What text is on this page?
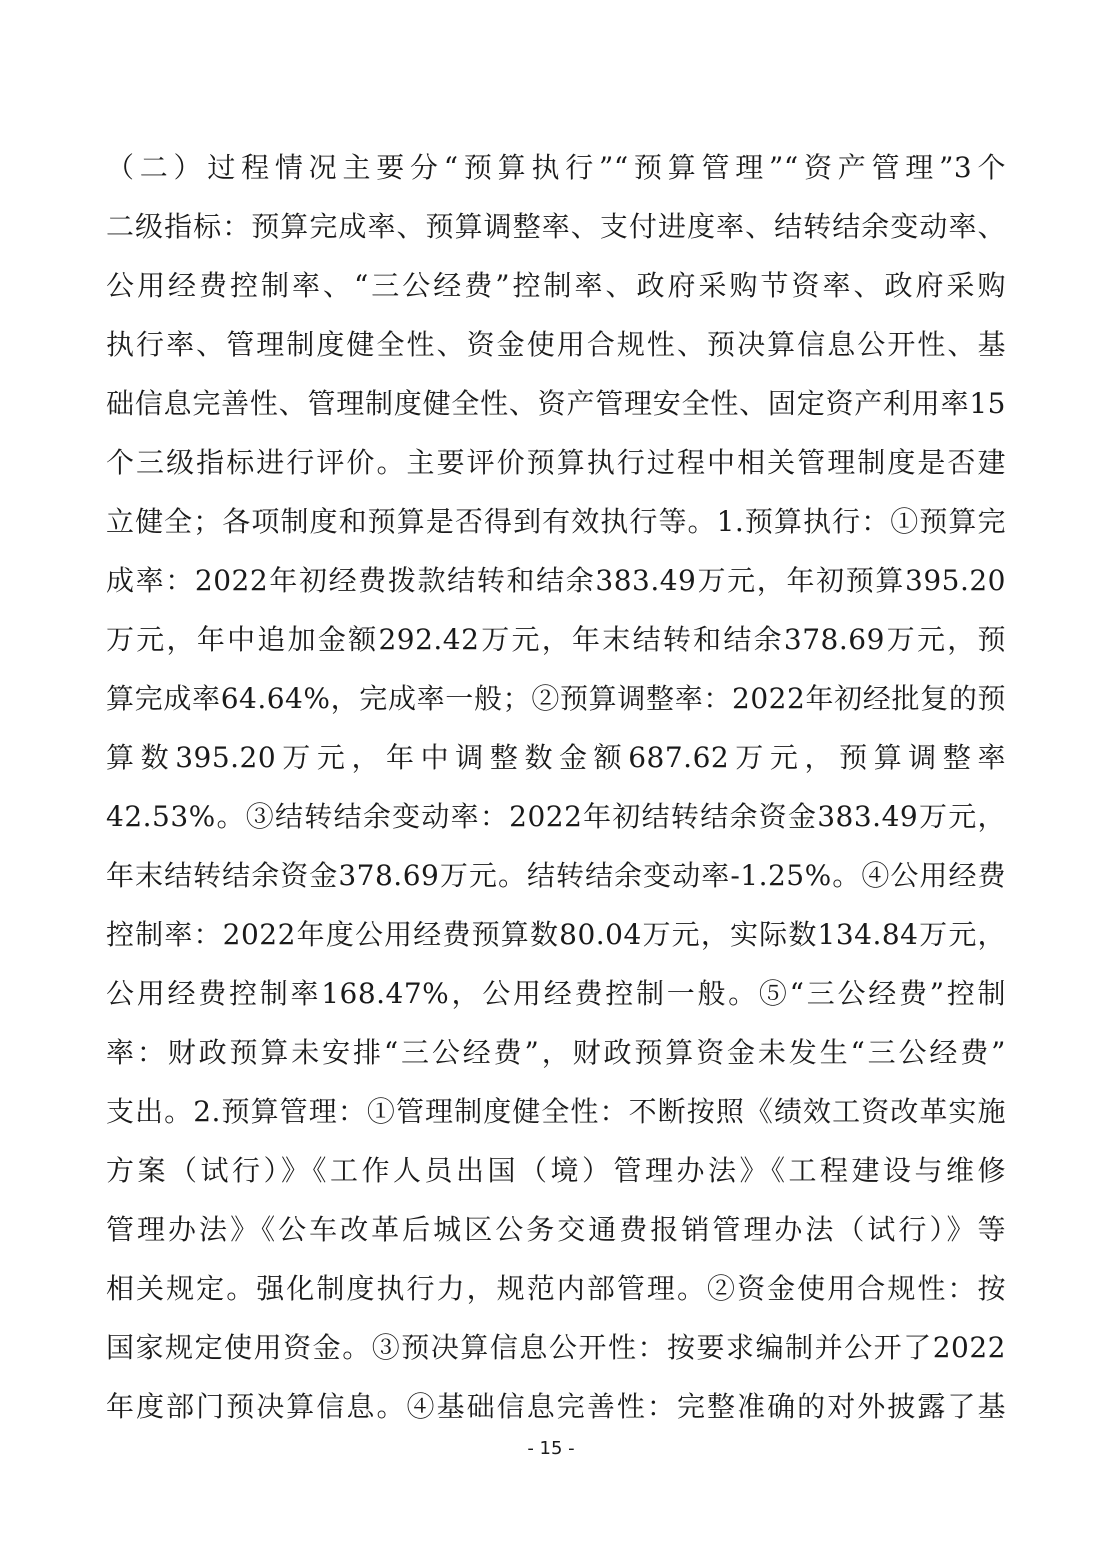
（二）过程情况主要分“预算执行”“预算管理”“资产管理”3个
二级指标：预算完成率、预算调整率、支付进度率、结转结余变动率、
公用经费控制率、“三公经费”控制率、政府采购节资率、政府采购
执行率、管理制度健全性、资金使用合规性、预决算信息公开性、基
础信息完善性、管理制度健全性、资产管理安全性、固定资产利用率15
个三级指标进行评价。主要评价预算执行过程中相关管理制度是否建
立健全；各项制度和预算是否得到有效执行等。1.预算执行：①预算完
成率：2022年初经费拨款结转和结余383.49万元，年初预算395.20
万元，年中追加金额292.42万元，年末结转和结余378.69万元，预
算完成率64.64%，完成率一般；②预算调整率：2022年初经批复的预
算数395.20万元，年中调整数金额687.62万元，预算调整率
42.53%。③结转结余变动率：2022年初结转结余资金383.49万元，
年末结转结余资金378.69万元。结转结余变动率-1.25%。④公用经费
控制率：2022年度公用经费预算数80.04万元，实际数134.84万元，
公用经费控制率168.47%，公用经费控制一般。⑤“三公经费”控制
率：财政预算未安排“三公经费”，财政预算资金未发生“三公经费”
支出。2.预算管理：①管理制度健全性：不断按照《绩效工资改革实施
方案（试行）》《工作人员出国（境）管理办法》《工程建设与维修
管理办法》《公车改革后城区公务交通费报销管理办法（试行）》等
相关规定。强化制度执行力，规范内部管理。②资金使用合规性：按
国家规定使用资金。③预决算信息公开性：按要求编制并公开了2022
年度部门预决算信息。④基础信息完善性：完整准确的对外披露了基
- 15 -
